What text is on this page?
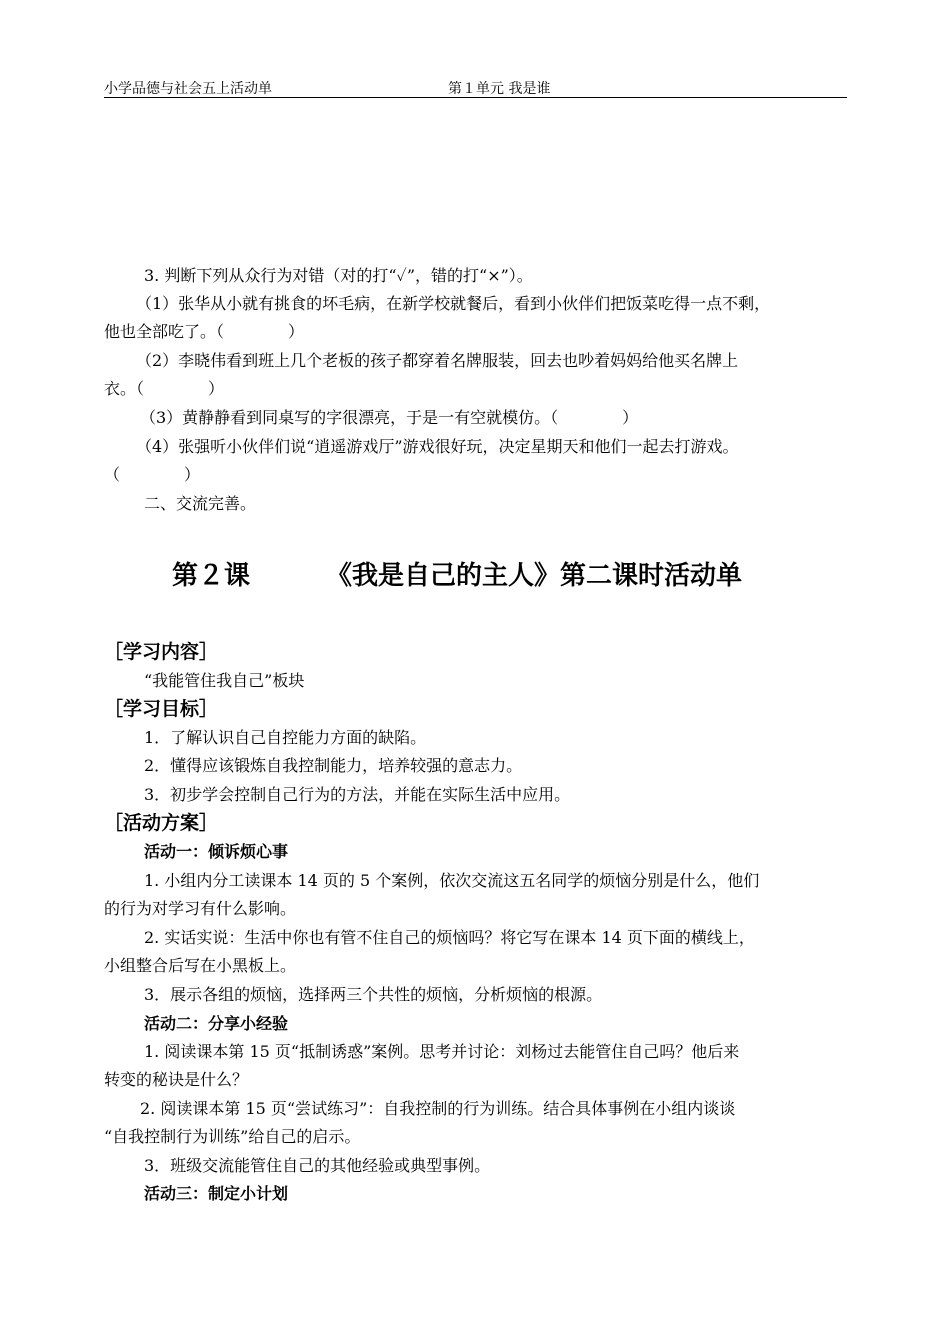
小学品德与社会五上活动单	第１单元 我是谁
3. 判断下列从众行为对错（对的打“✓”，错的打“×”）。
（1）张华从小就有挑食的坏毛病，在新学校就餐后，看到小伙伴们把饭菜吃得一点不剩，
他也全部吃了。（　　　　）
（2）李晓伟看到班上几个老板的孩子都穿着名牌服装，回去也吵着妈妈给他买名牌上
衣。（　　　　）
（3）黄静静看到同桌写的字很漂亮，于是一有空就模仿。（　　　　）
（4）张强听小伙伴们说“逍遥游戏厅”游戏很好玩，决定星期天和他们一起去打游戏。
（　　　　）
二、交流完善。
第２课	《我是自己的主人》第二课时活动单
［学习内容］
“我能管住我自己”板块
［学习目标］
1．了解认识自己自控能力方面的缺陷。
2．懂得应该锻炼自我控制能力，培养较强的意志力。
3．初步学会控制自己行为的方法，并能在实际生活中应用。
［活动方案］
活动一：倾诉烦心事
1. 小组内分工读课本 14 页的 5 个案例，依次交流这五名同学的烦恼分别是什么，他们
的行为对学习有什么影响。
2. 实话实说：生活中你也有管不住自己的烦恼吗？将它写在课本 14 页下面的横线上，
小组整合后写在小黑板上。
3．展示各组的烦恼，选择两三个共性的烦恼，分析烦恼的根源。
活动二：分享小经验
1. 阅读课本第 15 页“抵制诱惑”案例。思考并讨论：刘杨过去能管住自己吗？他后来
转变的秘诀是什么？
2. 阅读课本第 15 页“尝试练习”：自我控制的行为训练。结合具体事例在小组内谈谈
“自我控制行为训练”给自己的启示。
3．班级交流能管住自己的其他经验或典型事例。
活动三：制定小计划
